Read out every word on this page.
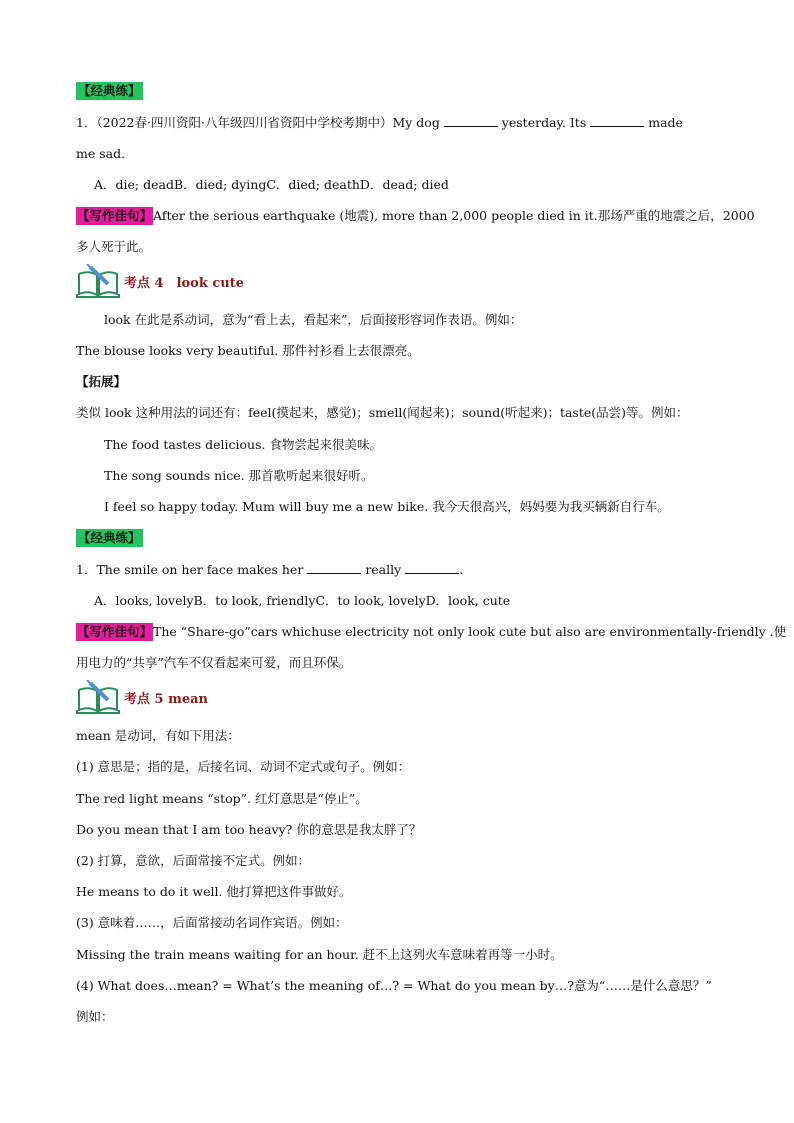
【经典练】
1．（2022春·四川资阳·八年级四川省资阳中学校考期中）My dog	yesterday. Its	made
me sad.
A．die; deadB．died; dyingC．died; deathD．dead; died
【写作佳句】After the serious earthquake (地震), more than 2,000 people died in it.那场严重的地震之后，2000
多人死于此。
考点 4　look cute
look 在此是系动词，意为“看上去，看起来”，后面接形容词作表语。例如：
The blouse looks very beautiful. 那件衬衫看上去很漂亮。
【拓展】
类似 look 这种用法的词还有：feel(摸起来，感觉)；smell(闻起来)；sound(听起来)；taste(品尝)等。例如：
The food tastes delicious. 食物尝起来很美味。
The song sounds nice. 那首歌听起来很好听。
I feel so happy today. Mum will buy me a new bike. 我今天很高兴，妈妈要为我买辆新自行车。
【经典练】
1．The smile on her face makes her	really	.
A．looks, lovelyB．to look, friendlyC．to look, lovelyD．look, cute
【写作佳句】The “Share-go”cars whichuse electricity not only look cute but also are environmentally-friendly .使
用电力的“共享”汽车不仅看起来可爱，而且环保。
考点 5 mean
mean 是动词，有如下用法：
(1) 意思是；指的是，后接名词、动词不定式或句子。例如：
The red light means “stop”. 红灯意思是“停止”。
Do you mean that I am too heavy? 你的意思是我太胖了？
(2) 打算，意欲，后面常接不定式。例如：
He means to do it well. 他打算把这件事做好。
(3) 意味着……，后面常接动名词作宾语。例如：
Missing the train means waiting for an hour. 赶不上这列火车意味着再等一小时。
(4) What does…mean? = What’s the meaning of…? = What do you mean by…?意为“……是什么意思？”
例如：
